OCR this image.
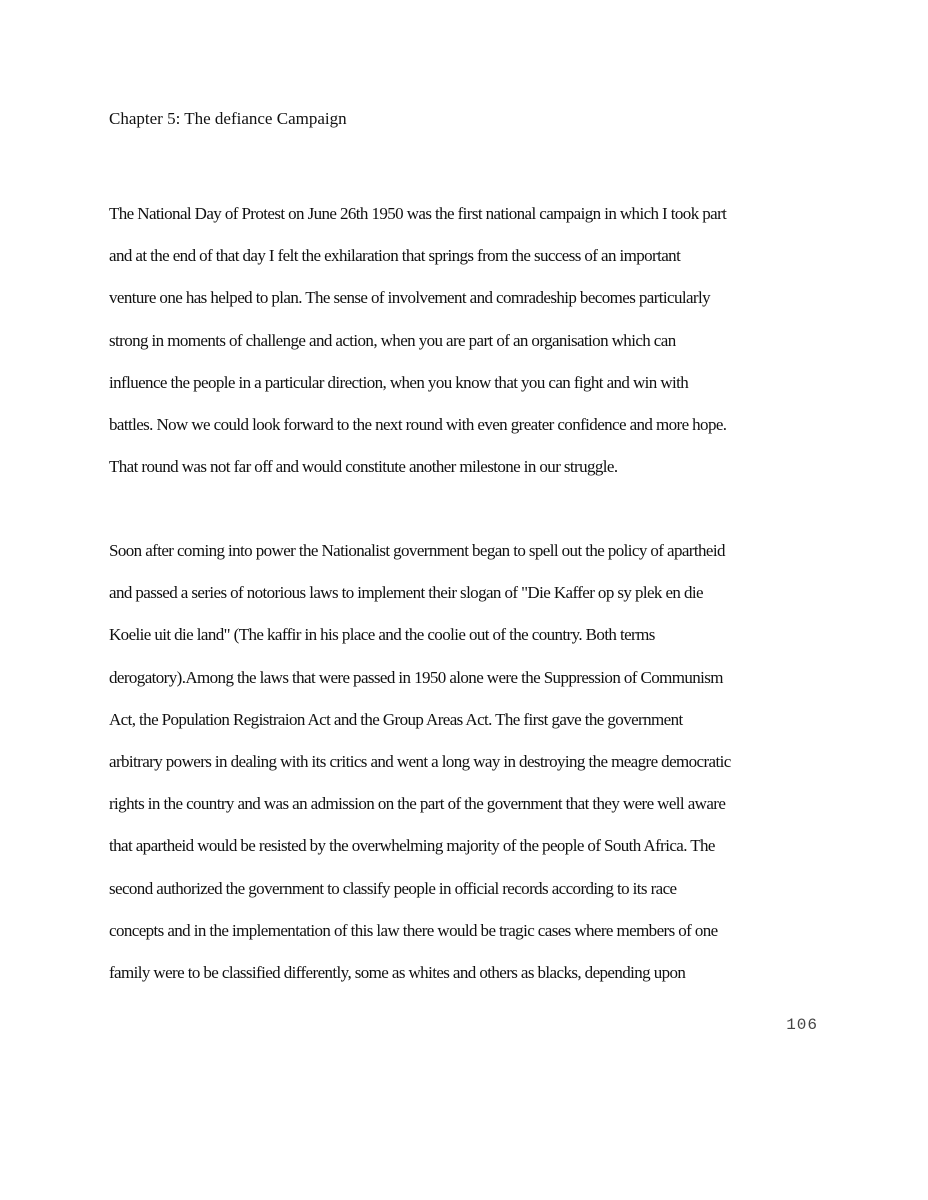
Chapter 5: The defiance Campaign
The National Day of Protest on June 26th 1950 was the first national campaign in which I took part
and at the end of that day I felt the exhilaration that springs from the success of an important
venture one has helped to plan. The sense of involvement and comradeship becomes particularly
strong in moments of challenge and action, when you are part of an organisation which can
influence the people in a particular direction, when you know that you can fight and win with
battles. Now we could look forward to the next round with even greater confidence and more hope.
That round was not far off and would constitute another milestone in our struggle.
Soon after coming into power the Nationalist government began to spell out the policy of apartheid
and passed a series of notorious laws to implement their slogan of "Die Kaffer op sy plek en die
Koelie uit die land" (The kaffir in his place and the coolie out of the country. Both terms
derogatory).Among the laws that were passed in 1950 alone were the Suppression of Communism
Act, the Population Registraion Act and the Group Areas Act. The first gave the government
arbitrary powers in dealing with its critics and went a long way in destroying the meagre democratic
rights in the country and was an admission on the part of the government that they were well aware
that apartheid would be resisted by the overwhelming majority of the people of South Africa. The
second authorized the government to classify people in official records according to its race
concepts and in the implementation of this law there would be tragic cases where members of one
family were to be classified differently, some as whites and others as blacks, depending upon
106
